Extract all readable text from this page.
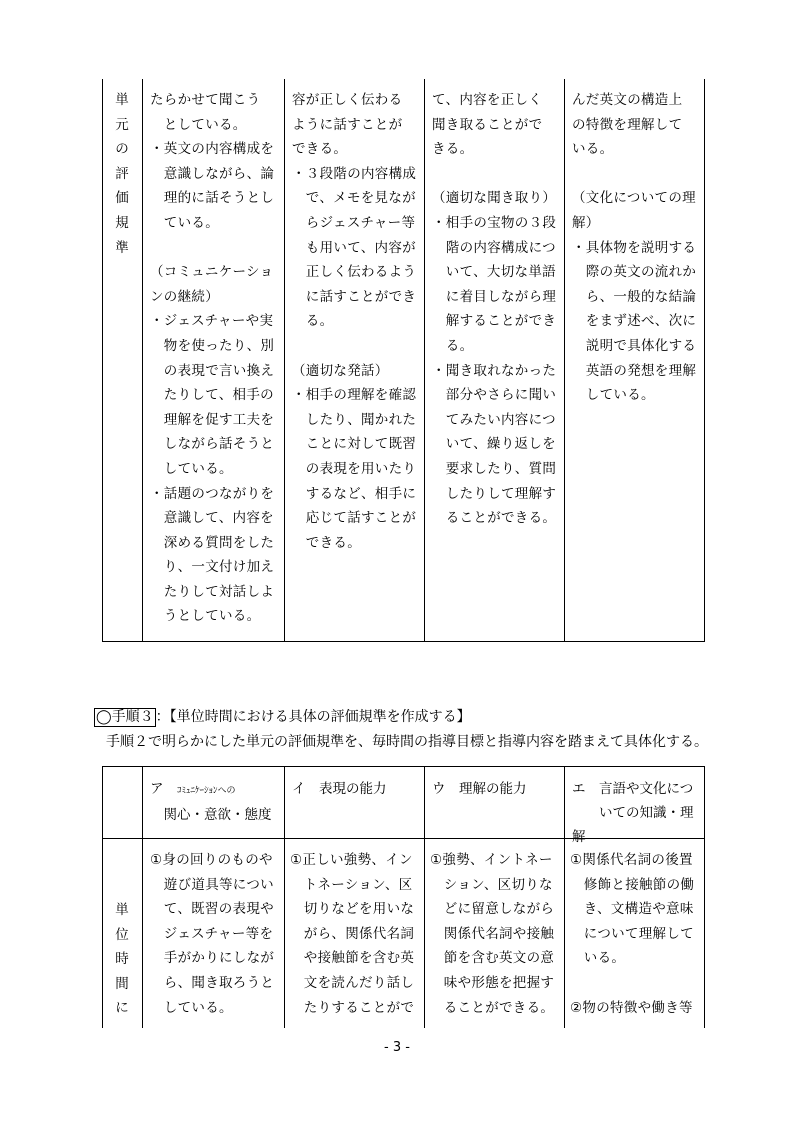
単
元
の
評
価
規
準
たらかせて聞こう
　としている。
・英文の内容構成を
　意識しながら、論
　理的に話そうとし
　ている。

（コミュニケーショ
ンの継続）
・ジェスチャーや実
　物を使ったり、別
　の表現で言い換え
　たりして、相手の
　理解を促す工夫を
　しながら話そうと
　している。
・話題のつながりを
　意識して、内容を
　深める質問をした
　り、一文付け加え
　たりして対話しよ
　うとしている。
容が正しく伝わる
ように話すことが
できる。
・３段階の内容構成
　で、メモを見なが
　らジェスチャー等
　も用いて、内容が
　正しく伝わるよう
　に話すことができ
　る。

（適切な発話）
・相手の理解を確認
　したり、聞かれた
　ことに対して既習
　の表現を用いたり
　するなど、相手に
　応じて話すことが
　できる。
て、内容を正しく
聞き取ることがで
きる。

（適切な聞き取り）
・相手の宝物の３段
　階の内容構成につ
　いて、大切な単語
　に着目しながら理
　解することができ
　る。
・聞き取れなかった
　部分やさらに聞い
　てみたい内容につ
　いて、繰り返しを
　要求したり、質問
　したりして理解す
　ることができる。
んだ英文の構造上
の特徴を理解して
いる。

（文化についての理
解）
・具体物を説明する
　際の英文の流れか
　ら、一般的な結論
　をまず述べ、次に
　説明で具体化する
　英語の発想を理解
　している。
◯手順３ ：【単位時間における具体の評価規準を作成する】
手順２で明らかにした単元の評価規準を、毎時間の指導目標と指導内容を踏まえて具体化する。
ア　ｺﾐｭﾆｹｰｼｮﾝへの
　関心・意欲・態度
イ　表現の能力	ウ　理解の能力	エ　言語や文化につ
　　いての知識・理解
単
位
時
間
に
①身の回りのものや
　遊び道具等につい
　て、既習の表現や
　ジェスチャー等を
　手がかりにしなが
　ら、聞き取ろうと
　している。
①正しい強勢、イン
　トネーション、区
　切りなどを用いな
　がら、関係代名詞
　や接触節を含む英
　文を読んだり話し
　たりすることがで
①強勢、イントネー
　ション、区切りな
　どに留意しながら
　関係代名詞や接触
　節を含む英文の意
　味や形態を把握す
　ることができる。
①関係代名詞の後置
　修飾と接触節の働
　き、文構造や意味
　について理解して
　いる。

②物の特徴や働き等
- 3 -
